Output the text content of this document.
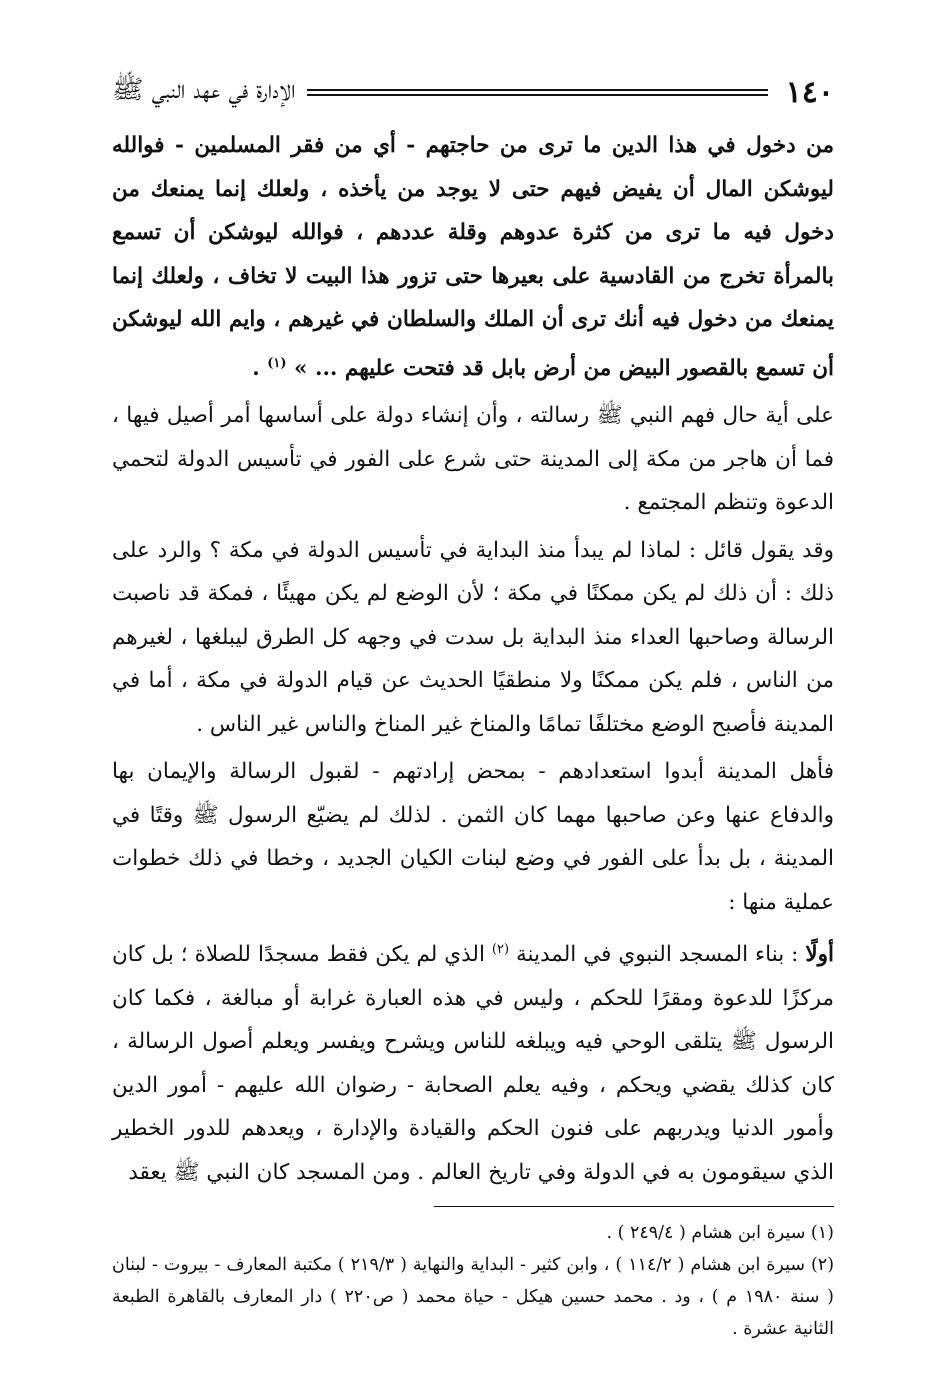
١٤٠
الإدارة في عهد النبي ﷺ

من دخول في هذا الدين ما ترى من حاجتهم - أي من فقر المسلمين - فوالله ليوشكن المال أن يفيض فيهم حتى لا يوجد من يأخذه ، ولعلك إنما يمنعك من دخول فيه ما ترى من كثرة عدوهم وقلة عددهم ، فوالله ليوشكن أن تسمع بالمرأة تخرج من القادسية على بعيرها حتى تزور هذا البيت لا تخاف ، ولعلك إنما يمنعك من دخول فيه أنك ترى أن الملك والسلطان في غيرهم ، وايم الله ليوشكن أن تسمع بالقصور البيض من أرض بابل قد فتحت عليهم ... » $^{(١)}$ .

على أية حال فهم النبي ﷺ رسالته ، وأن إنشاء دولة على أساسها أمر أصيل فيها ، فما أن هاجر من مكة إلى المدينة حتى شرع على الفور في تأسيس الدولة لتحمي الدعوة وتنظم المجتمع .

وقد يقول قائل : لماذا لم يبدأ منذ البداية في تأسيس الدولة في مكة ؟ والرد على ذلك : أن ذلك لم يكن ممكنًا في مكة ؛ لأن الوضع لم يكن مهيئًا ، فمكة قد ناصبت الرسالة وصاحبها العداء منذ البداية بل سدت في وجهه كل الطرق ليبلغها ، لغيرهم من الناس ، فلم يكن ممكنًا ولا منطقيًا الحديث عن قيام الدولة في مكة ، أما في المدينة فأصبح الوضع مختلفًا تمامًا والمناخ غير المناخ والناس غير الناس .

فأهل المدينة أبدوا استعدادهم - بمحض إرادتهم - لقبول الرسالة والإيمان بها والدفاع عنها وعن صاحبها مهما كان الثمن . لذلك لم يضيّع الرسول ﷺ وقتًا في المدينة ، بل بدأ على الفور في وضع لبنات الكيان الجديد ، وخطا في ذلك خطوات عملية منها :

أولًا : بناء المسجد النبوي في المدينة $^{(٢)}$ الذي لم يكن فقط مسجدًا للصلاة ؛ بل كان مركزًا للدعوة ومقرًا للحكم ، وليس في هذه العبارة غرابة أو مبالغة ، فكما كان الرسول ﷺ يتلقى الوحي فيه ويبلغه للناس ويشرح ويفسر ويعلم أصول الرسالة ، كان كذلك يقضي ويحكم ، وفيه يعلم الصحابة - رضوان الله عليهم - أمور الدين وأمور الدنيا ويدربهم على فنون الحكم والقيادة والإدارة ، ويعدهم للدور الخطير الذي سيقومون به في الدولة وفي تاريخ العالم . ومن المسجد كان النبي ﷺ يعقد

(١) سيرة ابن هشام ( ٢٤٩/٤ ) .

(٢) سيرة ابن هشام ( ١١٤/٢ ) ، وابن كثير - البداية والنهاية ( ٢١٩/٣ ) مكتبة المعارف - بيروت - لبنان ( سنة ١٩٨٠ م ) ، ود . محمد حسين هيكل - حياة محمد ( ص٢٢٠ ) دار المعارف بالقاهرة الطبعة الثانية عشرة .
